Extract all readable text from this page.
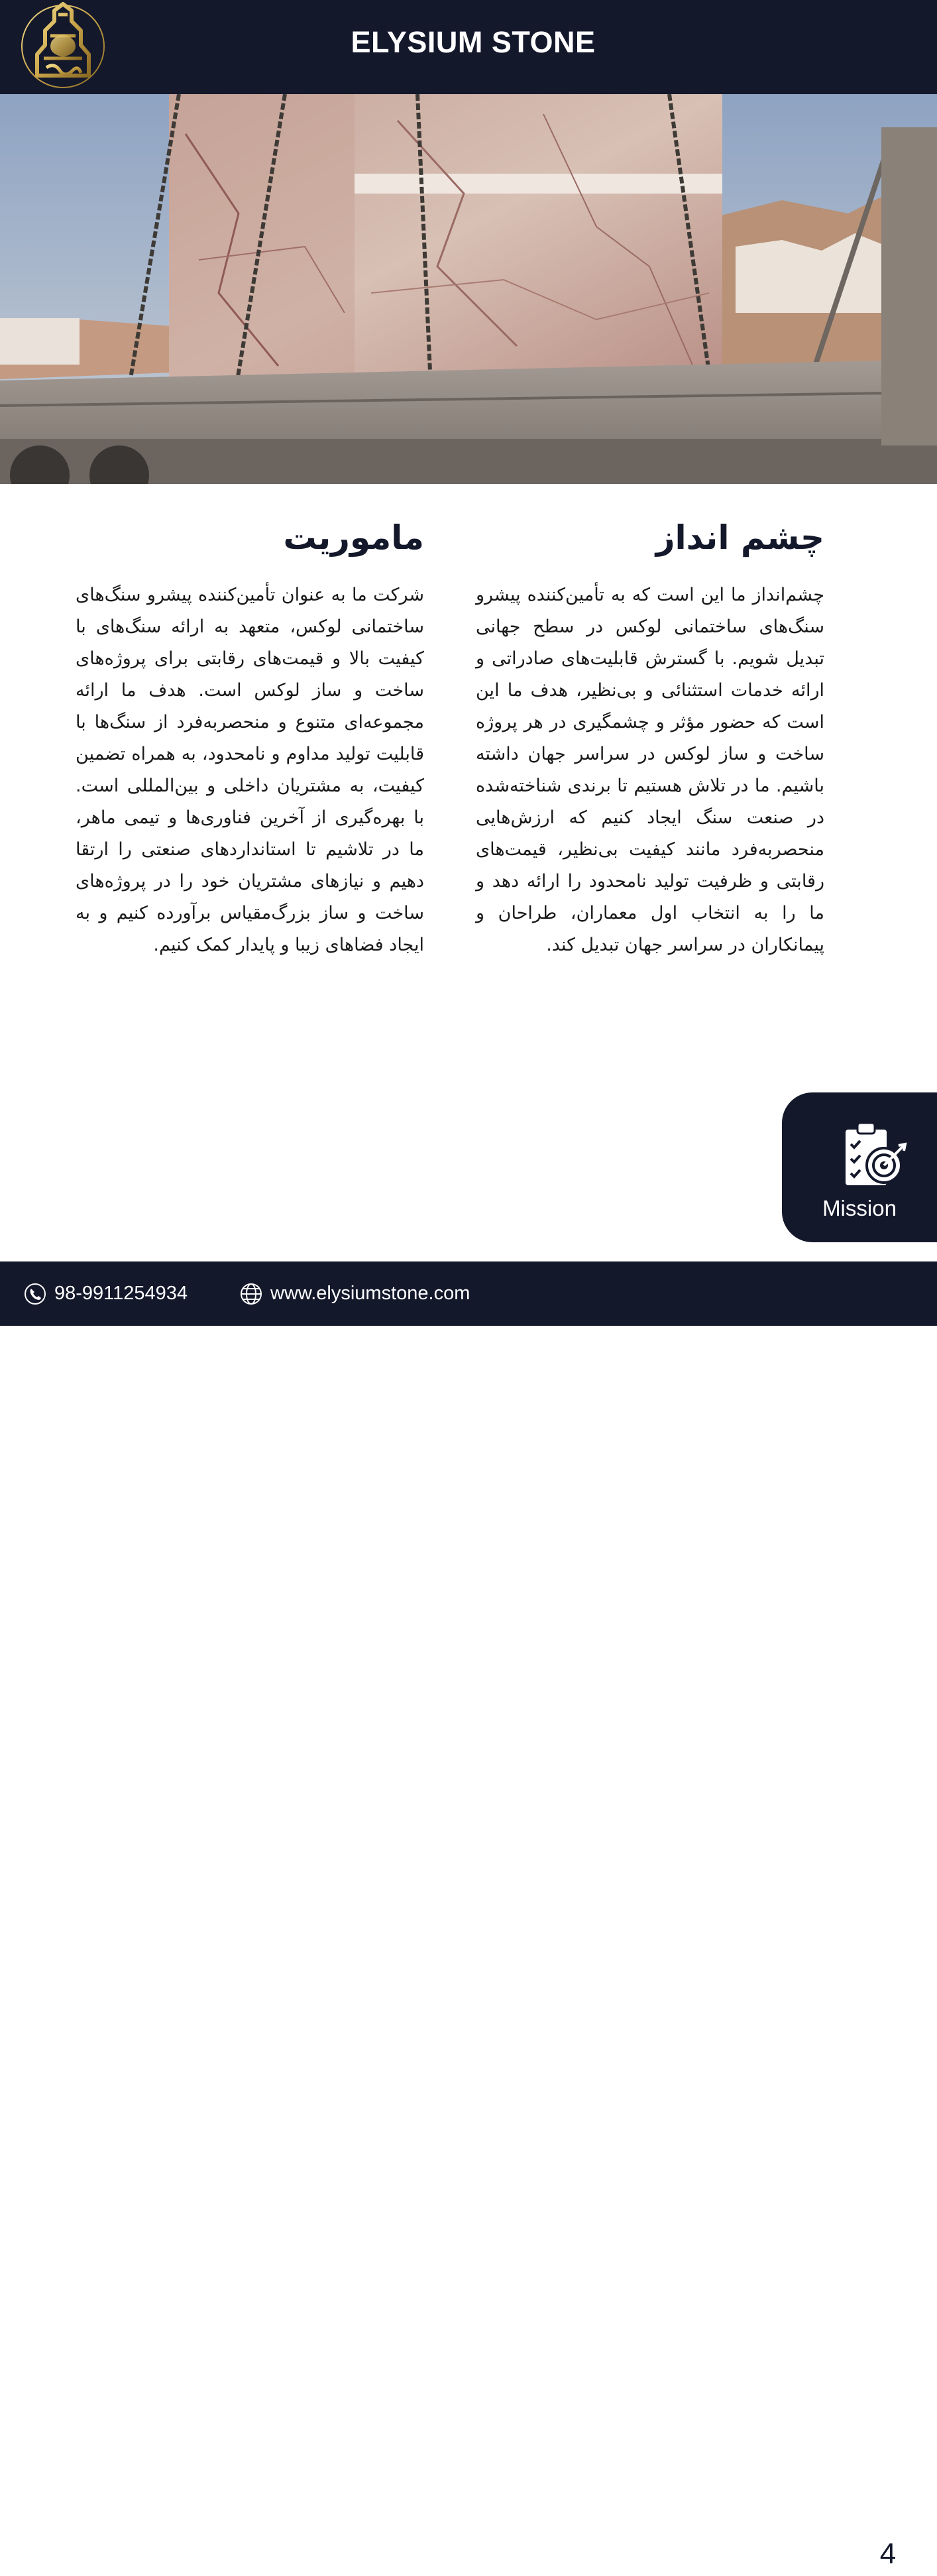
ELYSIUM STONE
چشم انداز

چشم‌انداز ما این است که به تأمین‌کننده پیشرو سنگ‌های ساختمانی لوکس در سطح جهانی تبدیل شویم. با گسترش قابلیت‌های صادراتی و ارائه خدمات استثنائی و بی‌نظیر، هدف ما این است که حضور مؤثر و چشمگیری در هر پروژه ساخت و ساز لوکس در سراسر جهان داشته باشیم. ما در تلاش هستیم تا برندی شناخته‌شده در صنعت سنگ ایجاد کنیم که ارزش‌هایی منحصربه‌فرد مانند کیفیت بی‌نظیر، قیمت‌های رقابتی و ظرفیت تولید نامحدود را ارائه دهد و ما را به انتخاب اول معماران، طراحان و پیمانکاران در سراسر جهان تبدیل کند.

ماموریت

شرکت ما به عنوان تأمین‌کننده پیشرو سنگ‌های ساختمانی لوکس، متعهد به ارائه سنگ‌های با کیفیت بالا و قیمت‌های رقابتی برای پروژه‌های ساخت و ساز لوکس است. هدف ما ارائه مجموعه‌ای متنوع و منحصربه‌فرد از سنگ‌ها با قابلیت تولید مداوم و نامحدود، به همراه تضمین کیفیت، به مشتریان داخلی و بین‌المللی است. با بهره‌گیری از آخرین فناوری‌ها و تیمی ماهر، ما در تلاشیم تا استانداردهای صنعتی را ارتقا دهیم و نیازهای مشتریان خود را در پروژه‌های ساخت و ساز بزرگ‌مقیاس برآورده کنیم و به ایجاد فضاهای زیبا و پایدار کمک کنیم.

Mission
98-9911254934	www.elysiumstone.com
4
